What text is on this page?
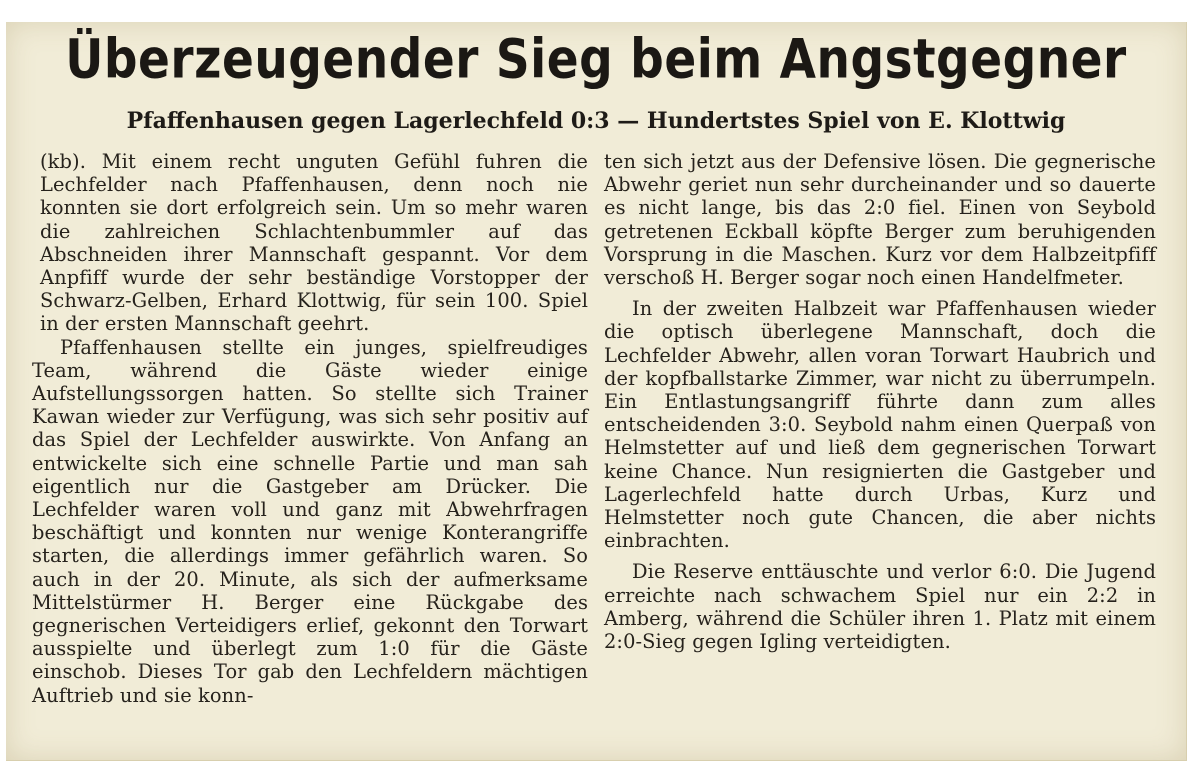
Überzeugender Sieg beim Angstgegner
Pfaffenhausen gegen Lagerlechfeld 0:3 — Hundertstes Spiel von E. Klottwig

(kb). Mit einem recht unguten Gefühl fuhren die Lechfelder nach Pfaffenhausen, denn noch nie konnten sie dort erfolgreich sein. Um so mehr waren die zahlreichen Schlachtenbummler auf das Abschneiden ihrer Mannschaft gespannt. Vor dem Anpfiff wurde der sehr beständige Vorstopper der Schwarz-Gelben, Erhard Klottwig, für sein 100. Spiel in der ersten Mannschaft geehrt.

Pfaffenhausen stellte ein junges, spielfreudiges Team, während die Gäste wieder einige Aufstellungssorgen hatten. So stellte sich Trainer Kawan wieder zur Verfügung, was sich sehr positiv auf das Spiel der Lechfelder auswirkte. Von Anfang an entwickelte sich eine schnelle Partie und man sah eigentlich nur die Gastgeber am Drücker. Die Lechfelder waren voll und ganz mit Abwehrfragen beschäftigt und konnten nur wenige Konterangriffe starten, die allerdings immer gefährlich waren. So auch in der 20. Minute, als sich der aufmerksame Mittelstürmer H. Berger eine Rückgabe des gegnerischen Verteidigers erlief, gekonnt den Torwart ausspielte und überlegt zum 1:0 für die Gäste einschob. Dieses Tor gab den Lechfeldern mächtigen Auftrieb und sie konn-

ten sich jetzt aus der Defensive lösen. Die gegnerische Abwehr geriet nun sehr durcheinander und so dauerte es nicht lange, bis das 2:0 fiel. Einen von Seybold getretenen Eckball köpfte Berger zum beruhigenden Vorsprung in die Maschen. Kurz vor dem Halbzeitpfiff verschoß H. Berger sogar noch einen Handelfmeter.

In der zweiten Halbzeit war Pfaffenhausen wieder die optisch überlegene Mannschaft, doch die Lechfelder Abwehr, allen voran Torwart Haubrich und der kopfballstarke Zimmer, war nicht zu überrumpeln. Ein Entlastungsangriff führte dann zum alles entscheidenden 3:0. Seybold nahm einen Querpaß von Helmstetter auf und ließ dem gegnerischen Torwart keine Chance. Nun resignierten die Gastgeber und Lagerlechfeld hatte durch Urbas, Kurz und Helmstetter noch gute Chancen, die aber nichts einbrachten.

Die Reserve enttäuschte und verlor 6:0. Die Jugend erreichte nach schwachem Spiel nur ein 2:2 in Amberg, während die Schüler ihren 1. Platz mit einem 2:0-Sieg gegen Igling verteidigten.
